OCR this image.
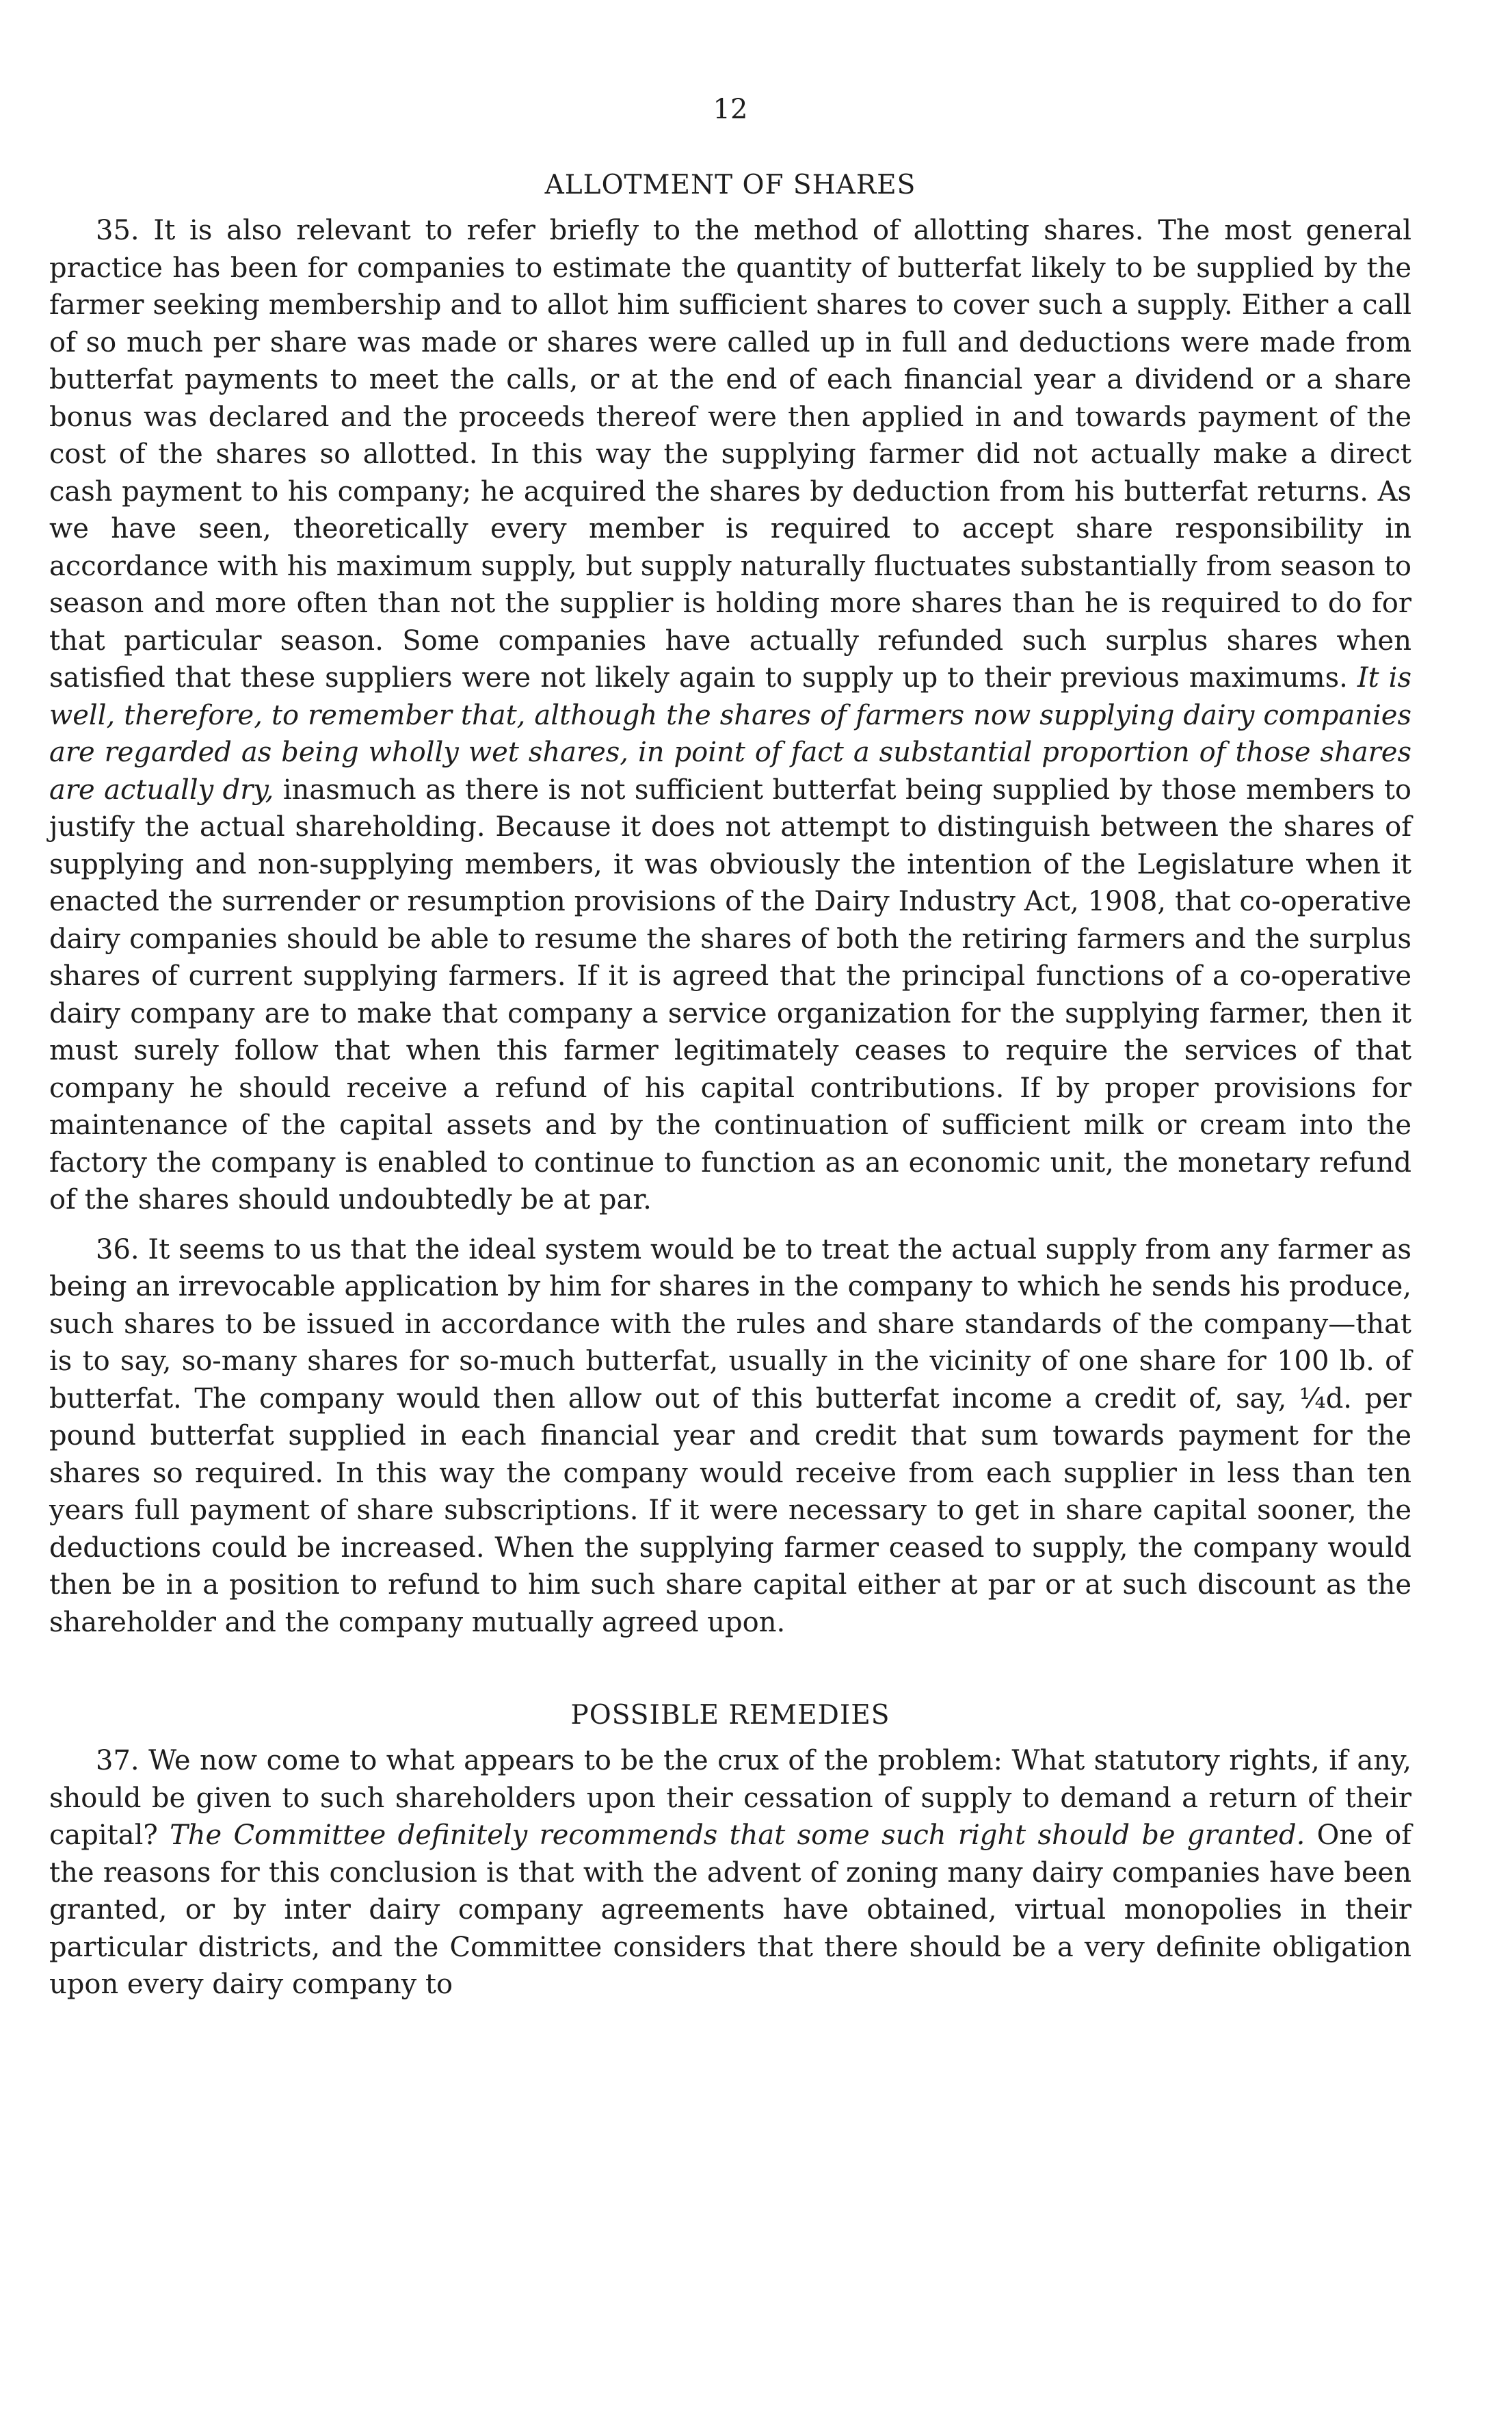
12
ALLOTMENT OF SHARES

35. It is also relevant to refer briefly to the method of allotting shares. The most general practice has been for companies to estimate the quantity of butterfat likely to be supplied by the farmer seeking membership and to allot him sufficient shares to cover such a supply. Either a call of so much per share was made or shares were called up in full and deductions were made from butterfat payments to meet the calls, or at the end of each financial year a dividend or a share bonus was declared and the proceeds thereof were then applied in and towards payment of the cost of the shares so allotted. In this way the supplying farmer did not actually make a direct cash payment to his company; he acquired the shares by deduction from his butterfat returns. As we have seen, theoretically every member is required to accept share responsibility in accordance with his maximum supply, but supply naturally fluctuates substantially from season to season and more often than not the supplier is holding more shares than he is required to do for that particular season. Some companies have actually refunded such surplus shares when satisfied that these suppliers were not likely again to supply up to their previous maximums. It is well, therefore, to remember that, although the shares of farmers now supplying dairy companies are regarded as being wholly wet shares, in point of fact a substantial proportion of those shares are actually dry, inasmuch as there is not sufficient butterfat being supplied by those members to justify the actual shareholding. Because it does not attempt to distinguish between the shares of supplying and non-supplying members, it was obviously the intention of the Legislature when it enacted the surrender or resumption provisions of the Dairy Industry Act, 1908, that co-operative dairy companies should be able to resume the shares of both the retiring farmers and the surplus shares of current supplying farmers. If it is agreed that the principal functions of a co-operative dairy company are to make that company a service organization for the supplying farmer, then it must surely follow that when this farmer legitimately ceases to require the services of that company he should receive a refund of his capital contributions. If by proper provisions for maintenance of the capital assets and by the continuation of sufficient milk or cream into the factory the company is enabled to continue to function as an economic unit, the monetary refund of the shares should undoubtedly be at par.

36. It seems to us that the ideal system would be to treat the actual supply from any farmer as being an irrevocable application by him for shares in the company to which he sends his produce, such shares to be issued in accordance with the rules and share standards of the company—that is to say, so-many shares for so-much butterfat, usually in the vicinity of one share for 100 lb. of butterfat. The company would then allow out of this butterfat income a credit of, say, ¼d. per pound butterfat supplied in each financial year and credit that sum towards payment for the shares so required. In this way the company would receive from each supplier in less than ten years full payment of share subscriptions. If it were necessary to get in share capital sooner, the deductions could be increased. When the supplying farmer ceased to supply, the company would then be in a position to refund to him such share capital either at par or at such discount as the shareholder and the company mutually agreed upon.

POSSIBLE REMEDIES

37. We now come to what appears to be the crux of the problem: What statutory rights, if any, should be given to such shareholders upon their cessation of supply to demand a return of their capital? The Committee definitely recommends that some such right should be granted. One of the reasons for this conclusion is that with the advent of zoning many dairy companies have been granted, or by inter dairy company agreements have obtained, virtual monopolies in their particular districts, and the Committee considers that there should be a very definite obligation upon every dairy company to
